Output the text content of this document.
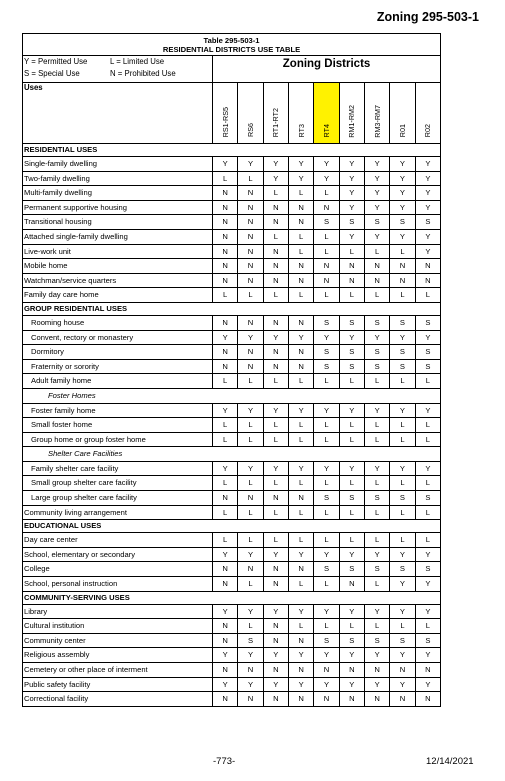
Zoning 295-503-1
Table 295-503-1									
RESIDENTIAL DISTRICTS USE TABLE									

Y = Permitted Use L = Limited Use
S = Special Use N = Prohibited Use	Zoning Districts								
Uses	RS1-RS5	RS6	RT1-RT2	RT3	RT4	RM1-RM2	RM3-RM7	R01	R02
RESIDENTIAL USES									
Single-family dwelling	Y	Y	Y	Y	Y	Y	Y	Y	Y
Two-family dwelling	L	L	Y	Y	Y	Y	Y	Y	Y
Multi-family dwelling	N	N	L	L	L	Y	Y	Y	Y
Permanent supportive housing	N	N	N	N	N	Y	Y	Y	Y
Transitional housing	N	N	N	N	S	S	S	S	S
Attached single-family dwelling	N	N	L	L	L	Y	Y	Y	Y
Live-work unit	N	N	N	L	L	L	L	L	Y
Mobile home	N	N	N	N	N	N	N	N	N
Watchman/service quarters	N	N	N	N	N	N	N	N	N
Family day care home	L	L	L	L	L	L	L	L	L
GROUP RESIDENTIAL USES									
Rooming house	N	N	N	N	S	S	S	S	S
Convent, rectory or monastery	Y	Y	Y	Y	Y	Y	Y	Y	Y
Dormitory	N	N	N	N	S	S	S	S	S
Fraternity or sorority	N	N	N	N	S	S	S	S	S
Adult family home	L	L	L	L	L	L	L	L	L
Foster Homes									
Foster family home	Y	Y	Y	Y	Y	Y	Y	Y	Y
Small foster home	L	L	L	L	L	L	L	L	L
Group home or group foster home	L	L	L	L	L	L	L	L	L
Shelter Care Facilities									
Family shelter care facility	Y	Y	Y	Y	Y	Y	Y	Y	Y
Small group shelter care facility	L	L	L	L	L	L	L	L	L
Large group shelter care facility	N	N	N	N	S	S	S	S	S
Community living arrangement	L	L	L	L	L	L	L	L	L
EDUCATIONAL USES									
Day care center	L	L	L	L	L	L	L	L	L
School, elementary or secondary	Y	Y	Y	Y	Y	Y	Y	Y	Y
College	N	N	N	N	S	S	S	S	S
School, personal instruction	N	L	N	L	L	N	L	Y	Y
COMMUNITY-SERVING USES									
Library	Y	Y	Y	Y	Y	Y	Y	Y	Y
Cultural institution	N	L	N	L	L	L	L	L	L
Community center	N	S	N	N	S	S	S	S	S
Religious assembly	Y	Y	Y	Y	Y	Y	Y	Y	Y
Cemetery or other place of interment	N	N	N	N	N	N	N	N	N
Public safety facility	Y	Y	Y	Y	Y	Y	Y	Y	Y
Correctional facility	N	N	N	N	N	N	N	N	N
-773-	12/14/2021
